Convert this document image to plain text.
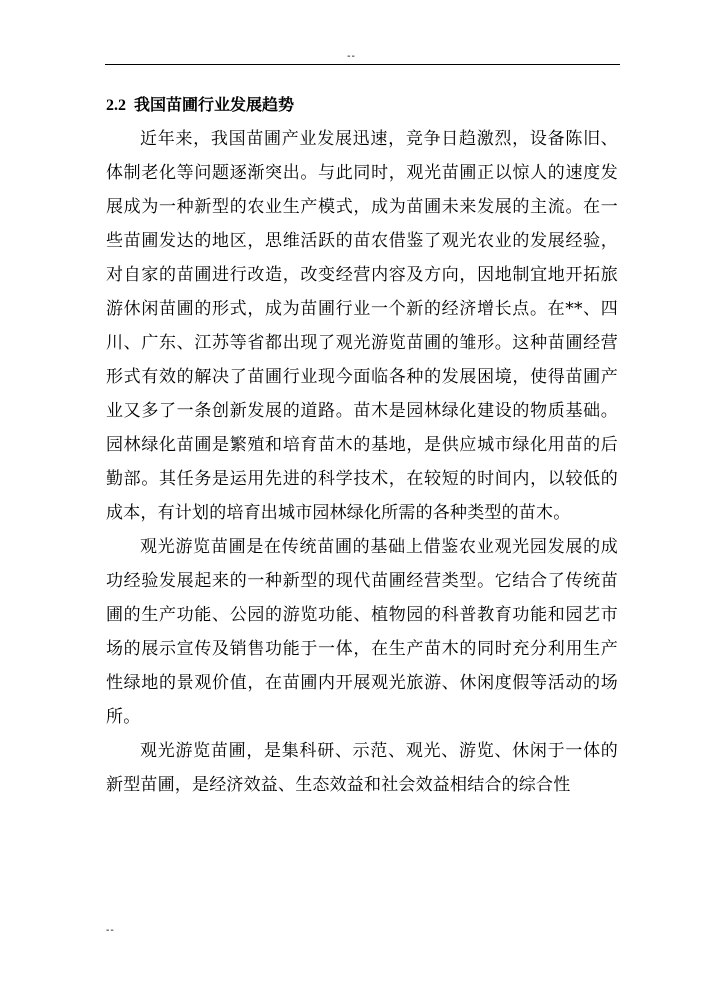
--
2.2 我国苗圃行业发展趋势

近年来，我国苗圃产业发展迅速，竞争日趋激烈，设备陈旧、体制老化等问题逐渐突出。与此同时，观光苗圃正以惊人的速度发展成为一种新型的农业生产模式，成为苗圃未来发展的主流。在一些苗圃发达的地区，思维活跃的苗农借鉴了观光农业的发展经验，对自家的苗圃进行改造，改变经营内容及方向，因地制宜地开拓旅游休闲苗圃的形式，成为苗圃行业一个新的经济增长点。在**、四川、广东、江苏等省都出现了观光游览苗圃的雏形。这种苗圃经营形式有效的解决了苗圃行业现今面临各种的发展困境，使得苗圃产业又多了一条创新发展的道路。苗木是园林绿化建设的物质基础。园林绿化苗圃是繁殖和培育苗木的基地，是供应城市绿化用苗的后勤部。其任务是运用先进的科学技术，在较短的时间内，以较低的成本，有计划的培育出城市园林绿化所需的各种类型的苗木。

观光游览苗圃是在传统苗圃的基础上借鉴农业观光园发展的成功经验发展起来的一种新型的现代苗圃经营类型。它结合了传统苗圃的生产功能、公园的游览功能、植物园的科普教育功能和园艺市场的展示宣传及销售功能于一体，在生产苗木的同时充分利用生产性绿地的景观价值，在苗圃内开展观光旅游、休闲度假等活动的场所。

观光游览苗圃，是集科研、示范、观光、游览、休闲于一体的新型苗圃，是经济效益、生态效益和社会效益相结合的综合性

--
